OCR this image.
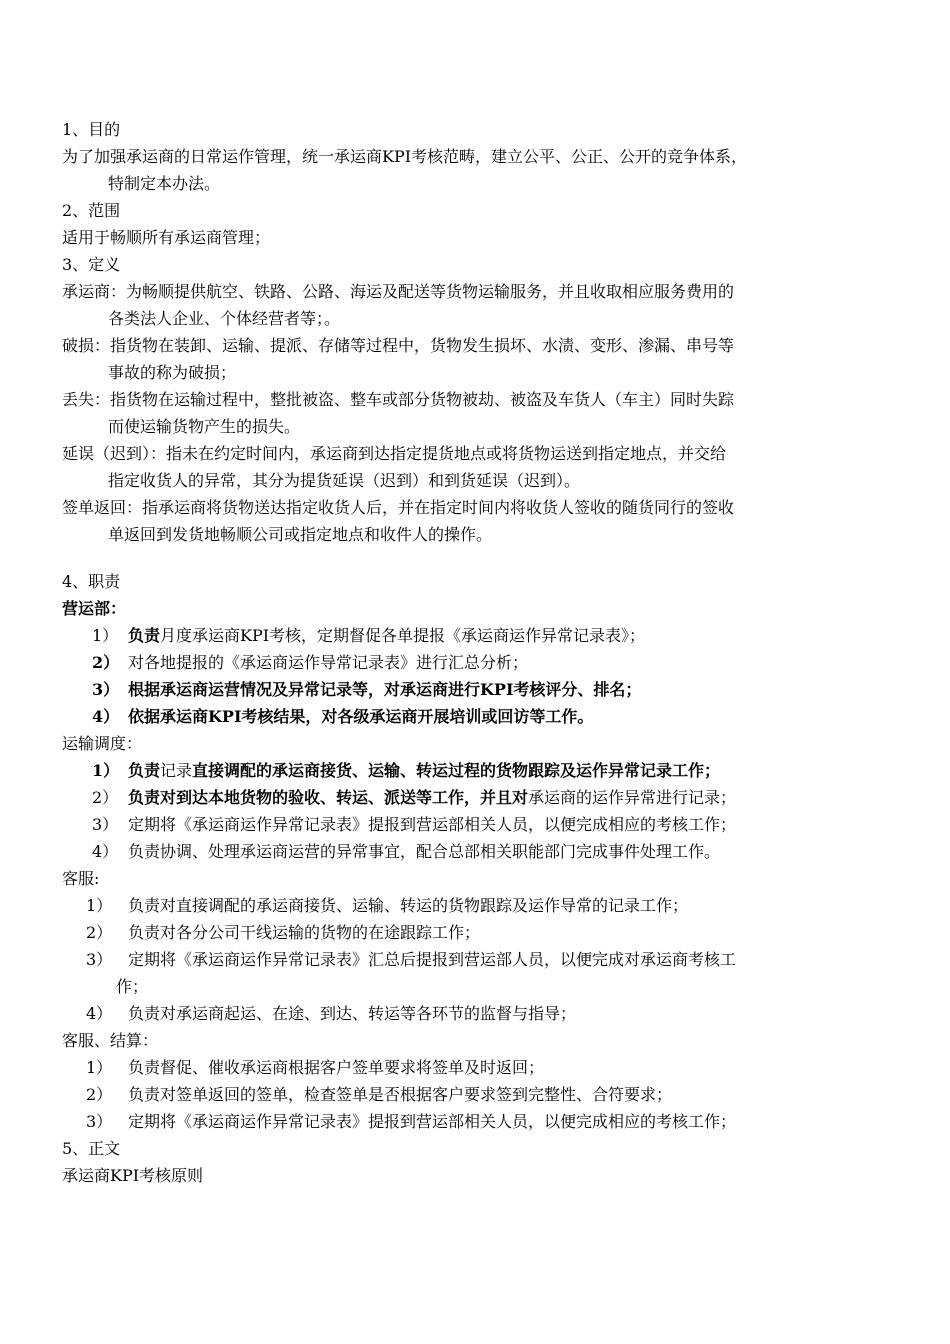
1、目的
为了加强承运商的日常运作管理，统一承运商KPI考核范畴，建立公平、公正、公开的竞争体系，
特制定本办法。
2、范围
适用于畅顺所有承运商管理；
3、定义
承运商：为畅顺提供航空、铁路、公路、海运及配送等货物运输服务，并且收取相应服务费用的
各类法人企业、个体经营者等；。
破损：指货物在装卸、运输、提派、存储等过程中，货物发生损坏、水渍、变形、渗漏、串号等
事故的称为破损；
丢失：指货物在运输过程中，整批被盗、整车或部分货物被劫、被盗及车货人（车主）同时失踪
而使运输货物产生的损失。
延误（迟到）：指未在约定时间内，承运商到达指定提货地点或将货物运送到指定地点，并交给
指定收货人的异常，其分为提货延误（迟到）和到货延误（迟到）。
签单返回：指承运商将货物送达指定收货人后，并在指定时间内将收货人签收的随货同行的签收
单返回到发货地畅顺公司或指定地点和收件人的操作。
4、职责
营运部：
1） 负责月度承运商KPI考核，定期督促各单提报《承运商运作异常记录表》；
2） 对各地提报的《承运商运作导常记录表》进行汇总分析；
3） 根据承运商运营情况及异常记录等，对承运商进行KPI考核评分、排名；
4） 依据承运商KPI考核结果，对各级承运商开展培训或回访等工作。
运输调度：
1） 负责记录直接调配的承运商接货、运输、转运过程的货物跟踪及运作异常记录工作；
2） 负责对到达本地货物的验收、转运、派送等工作，并且对承运商的运作异常进行记录；
3） 定期将《承运商运作异常记录表》提报到营运部相关人员，以便完成相应的考核工作；
4） 负责协调、处理承运商运营的异常事宜，配合总部相关职能部门完成事件处理工作。
客服:
1） 负责对直接调配的承运商接货、运输、转运的货物跟踪及运作导常的记录工作；
2） 负责对各分公司干线运输的货物的在途跟踪工作；
3） 定期将《承运商运作异常记录表》汇总后提报到营运部人员，以便完成对承运商考核工
作；
4） 负责对承运商起运、在途、到达、转运等各环节的监督与指导；
客服、结算：
1） 负责督促、催收承运商根据客户签单要求将签单及时返回；
2） 负责对签单返回的签单，检查签单是否根据客户要求签到完整性、合符要求；
3） 定期将《承运商运作异常记录表》提报到营运部相关人员，以便完成相应的考核工作；
5、正文
承运商KPI考核原则
